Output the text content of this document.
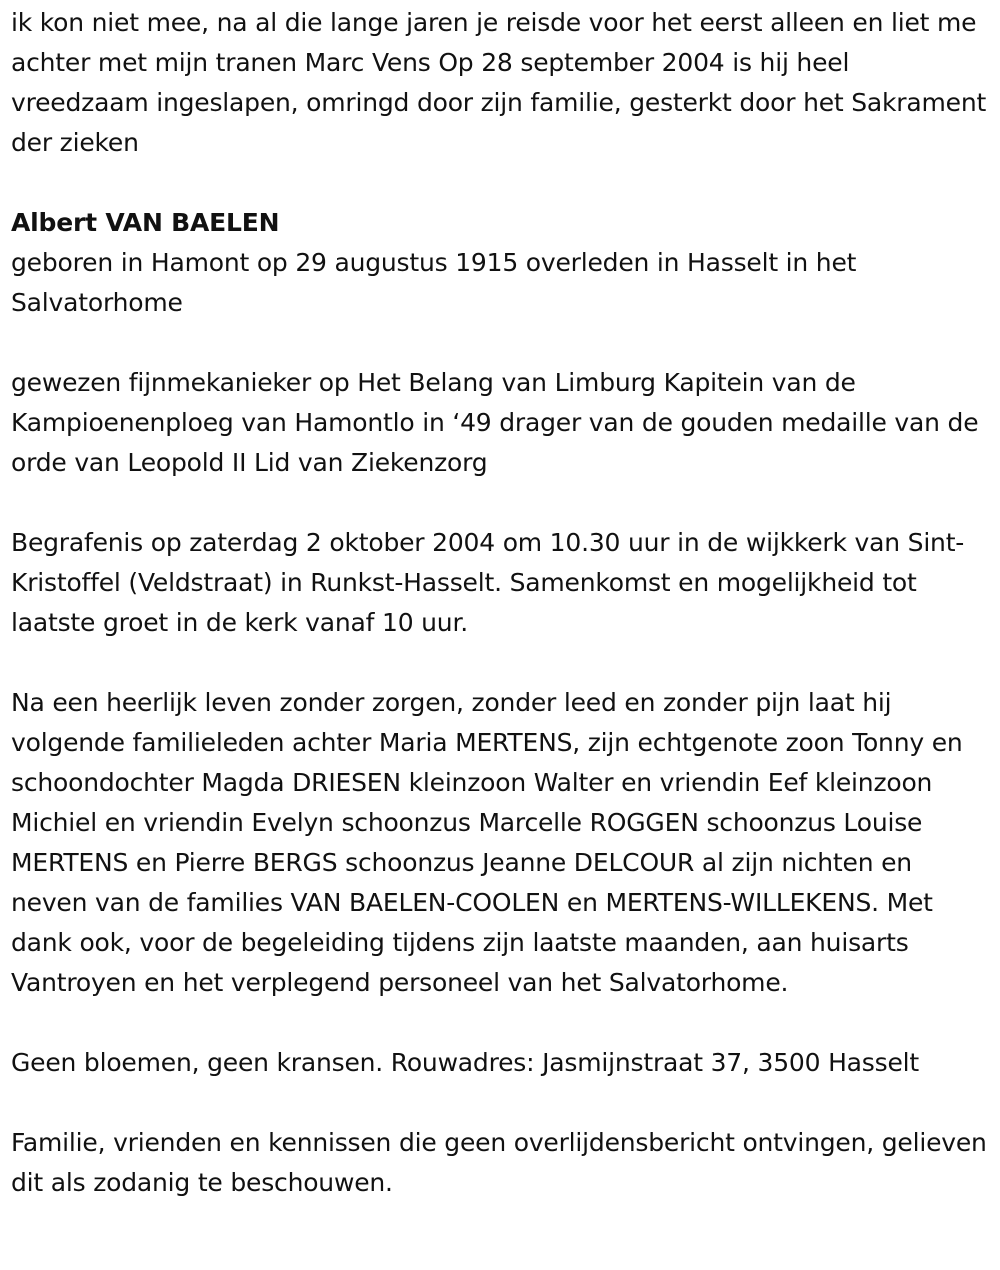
ik kon niet mee, na al die lange jaren je reisde voor het eerst alleen en liet me achter met mijn tranen Marc Vens Op 28 september 2004 is hij heel vreedzaam ingeslapen, omringd door zijn familie, gesterkt door het Sakrament der zieken

Albert VAN BAELEN

geboren in Hamont op 29 augustus 1915 overleden in Hasselt in het Salvatorhome

gewezen fijnmekanieker op Het Belang van Limburg Kapitein van de Kampioenenploeg van Hamontlo in ‘49 drager van de gouden medaille van de orde van Leopold II Lid van Ziekenzorg

Begrafenis op zaterdag 2 oktober 2004 om 10.30 uur in de wijkkerk van Sint-Kristoffel (Veldstraat) in Runkst-Hasselt. Samenkomst en mogelijkheid tot laatste groet in de kerk vanaf 10 uur.

Na een heerlijk leven zonder zorgen, zonder leed en zonder pijn laat hij volgende familieleden achter Maria MERTENS, zijn echtgenote zoon Tonny en schoondochter Magda DRIESEN kleinzoon Walter en vriendin Eef kleinzoon Michiel en vriendin Evelyn schoonzus Marcelle ROGGEN schoonzus Louise MERTENS en Pierre BERGS schoonzus Jeanne DELCOUR al zijn nichten en neven van de families VAN BAELEN-COOLEN en MERTENS-WILLEKENS. Met dank ook, voor de begeleiding tijdens zijn laatste maanden, aan huisarts Vantroyen en het verplegend personeel van het Salvatorhome.

Geen bloemen, geen kransen. Rouwadres: Jasmijnstraat 37, 3500 Hasselt

Familie, vrienden en kennissen die geen overlijdensbericht ontvingen, gelieven dit als zodanig te beschouwen.
